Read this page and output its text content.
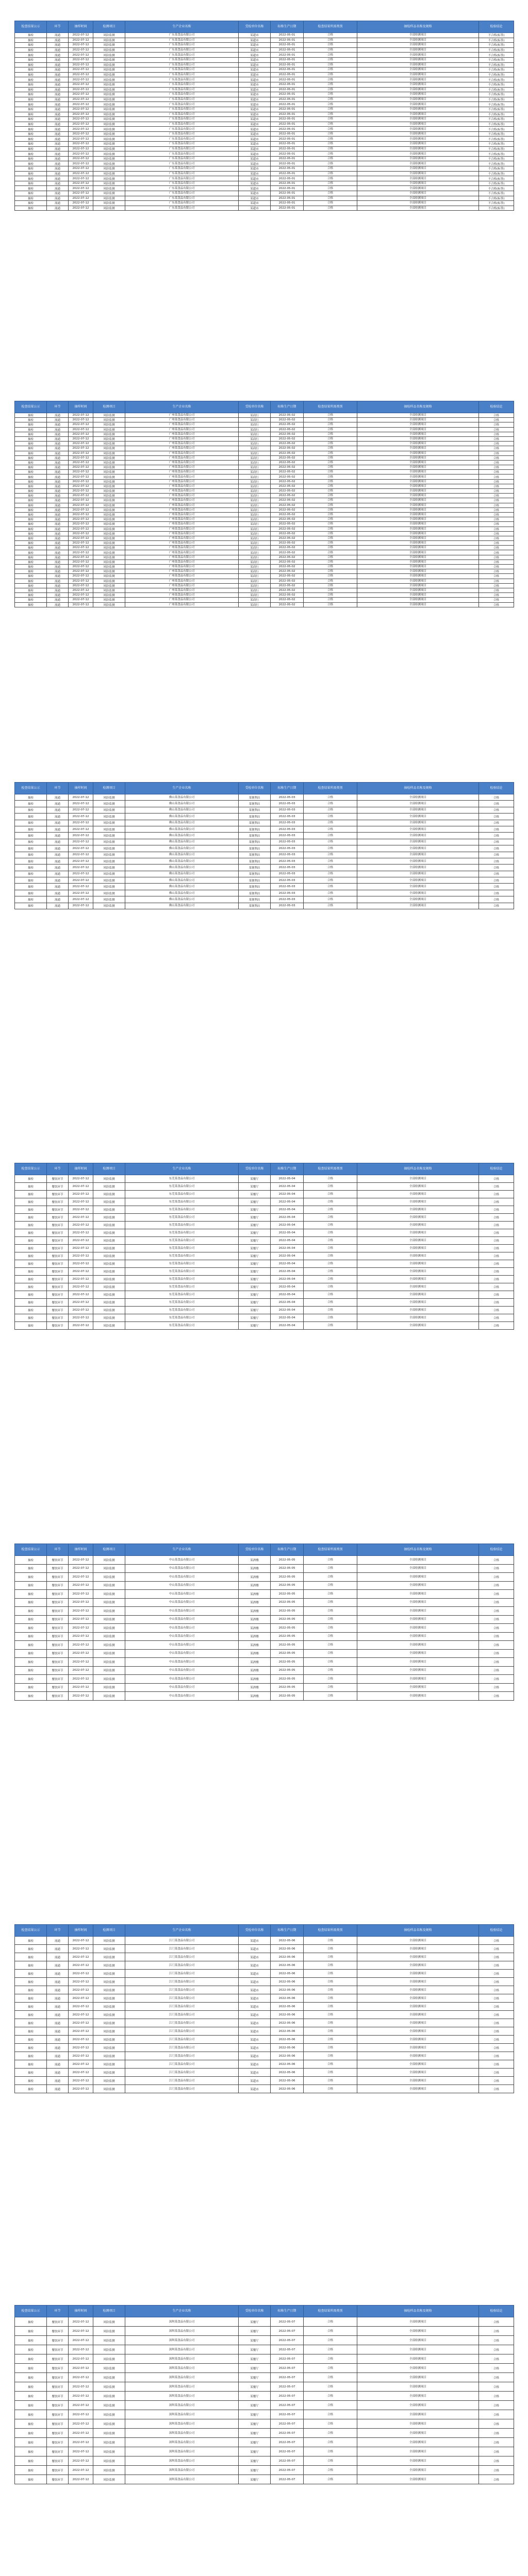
检查结果公示	环节	抽样时间	检测项目	生产企业名称	受检单位名称	标称生产日期	检查结果所需类别	抽检样品名称及规格	检验结论
抽检	流通	2022-07-12	风险监测	广东某食品有限公司	某超市	2022-05-01	合格	全部检测项目	不合格(标签)
抽检	流通	2022-07-12	风险监测	广东某食品有限公司	某超市	2022-05-01	合格	全部检测项目	不合格(标签)
抽检	流通	2022-07-12	风险监测	广东某食品有限公司	某超市	2022-05-01	合格	全部检测项目	不合格(标签)
抽检	流通	2022-07-12	风险监测	广东某食品有限公司	某超市	2022-05-01	合格	全部检测项目	不合格(标签)
抽检	流通	2022-07-12	风险监测	广东某食品有限公司	某超市	2022-05-01	合格	全部检测项目	不合格(标签)
抽检	流通	2022-07-12	风险监测	广东某食品有限公司	某超市	2022-05-01	合格	全部检测项目	不合格(标签)
抽检	流通	2022-07-12	风险监测	广东某食品有限公司	某超市	2022-05-01	合格	全部检测项目	不合格(标签)
抽检	流通	2022-07-12	风险监测	广东某食品有限公司	某超市	2022-05-01	合格	全部检测项目	不合格(标签)
抽检	流通	2022-07-12	风险监测	广东某食品有限公司	某超市	2022-05-01	合格	全部检测项目	不合格(标签)
抽检	流通	2022-07-12	风险监测	广东某食品有限公司	某超市	2022-05-01	合格	全部检测项目	不合格(标签)
抽检	流通	2022-07-12	风险监测	广东某食品有限公司	某超市	2022-05-01	合格	全部检测项目	不合格(标签)
抽检	流通	2022-07-12	风险监测	广东某食品有限公司	某超市	2022-05-01	合格	全部检测项目	不合格(标签)
抽检	流通	2022-07-12	风险监测	广东某食品有限公司	某超市	2022-05-01	合格	全部检测项目	不合格(标签)
抽检	流通	2022-07-12	风险监测	广东某食品有限公司	某超市	2022-05-01	合格	全部检测项目	不合格(标签)
抽检	流通	2022-07-12	风险监测	广东某食品有限公司	某超市	2022-05-01	合格	全部检测项目	不合格(标签)
抽检	流通	2022-07-12	风险监测	广东某食品有限公司	某超市	2022-05-01	合格	全部检测项目	不合格(标签)
抽检	流通	2022-07-12	风险监测	广东某食品有限公司	某超市	2022-05-01	合格	全部检测项目	不合格(标签)
抽检	流通	2022-07-12	风险监测	广东某食品有限公司	某超市	2022-05-01	合格	全部检测项目	不合格(标签)
抽检	流通	2022-07-12	风险监测	广东某食品有限公司	某超市	2022-05-01	合格	全部检测项目	不合格(标签)
抽检	流通	2022-07-12	风险监测	广东某食品有限公司	某超市	2022-05-01	合格	全部检测项目	不合格(标签)
抽检	流通	2022-07-12	风险监测	广东某食品有限公司	某超市	2022-05-01	合格	全部检测项目	不合格(标签)
抽检	流通	2022-07-12	风险监测	广东某食品有限公司	某超市	2022-05-01	合格	全部检测项目	不合格(标签)
抽检	流通	2022-07-12	风险监测	广东某食品有限公司	某超市	2022-05-01	合格	全部检测项目	不合格(标签)
抽检	流通	2022-07-12	风险监测	广东某食品有限公司	某超市	2022-05-01	合格	全部检测项目	不合格(标签)
抽检	流通	2022-07-12	风险监测	广东某食品有限公司	某超市	2022-05-01	合格	全部检测项目	不合格(标签)
抽检	流通	2022-07-12	风险监测	广东某食品有限公司	某超市	2022-05-01	合格	全部检测项目	不合格(标签)
抽检	流通	2022-07-12	风险监测	广东某食品有限公司	某超市	2022-05-01	合格	全部检测项目	不合格(标签)
抽检	流通	2022-07-12	风险监测	广东某食品有限公司	某超市	2022-05-01	合格	全部检测项目	不合格(标签)
抽检	流通	2022-07-12	风险监测	广东某食品有限公司	某超市	2022-05-01	合格	全部检测项目	不合格(标签)
抽检	流通	2022-07-12	风险监测	广东某食品有限公司	某超市	2022-05-01	合格	全部检测项目	不合格(标签)
抽检	流通	2022-07-12	风险监测	广东某食品有限公司	某超市	2022-05-01	合格	全部检测项目	不合格(标签)
抽检	流通	2022-07-12	风险监测	广东某食品有限公司	某超市	2022-05-01	合格	全部检测项目	不合格(标签)
抽检	流通	2022-07-12	风险监测	广东某食品有限公司	某超市	2022-05-01	合格	全部检测项目	不合格(标签)
抽检	流通	2022-07-12	风险监测	广东某食品有限公司	某超市	2022-05-01	合格	全部检测项目	不合格(标签)
抽检	流通	2022-07-12	风险监测	广东某食品有限公司	某超市	2022-05-01	合格	全部检测项目	不合格(标签)
抽检	流通	2022-07-12	风险监测	广东某食品有限公司	某超市	2022-05-01	合格	全部检测项目	不合格(标签)
检查结果公示	环节	抽样时间	检测项目	生产企业名称	受检单位名称	标称生产日期	检查结果所需类别	抽检样品名称及规格	检验结论
抽检	流通	2022-07-12	风险监测	广州某食品有限公司	某商行	2022-05-02	合格	全部检测项目	合格
抽检	流通	2022-07-12	风险监测	广州某食品有限公司	某商行	2022-05-02	合格	全部检测项目	合格
抽检	流通	2022-07-12	风险监测	广州某食品有限公司	某商行	2022-05-02	合格	全部检测项目	合格
抽检	流通	2022-07-12	风险监测	广州某食品有限公司	某商行	2022-05-02	合格	全部检测项目	合格
抽检	流通	2022-07-12	风险监测	广州某食品有限公司	某商行	2022-05-02	合格	全部检测项目	合格
抽检	流通	2022-07-12	风险监测	广州某食品有限公司	某商行	2022-05-02	合格	全部检测项目	合格
抽检	流通	2022-07-12	风险监测	广州某食品有限公司	某商行	2022-05-02	合格	全部检测项目	合格
抽检	流通	2022-07-12	风险监测	广州某食品有限公司	某商行	2022-05-02	合格	全部检测项目	合格
抽检	流通	2022-07-12	风险监测	广州某食品有限公司	某商行	2022-05-02	合格	全部检测项目	合格
抽检	流通	2022-07-12	风险监测	广州某食品有限公司	某商行	2022-05-02	合格	全部检测项目	合格
抽检	流通	2022-07-12	风险监测	广州某食品有限公司	某商行	2022-05-02	合格	全部检测项目	合格
抽检	流通	2022-07-12	风险监测	广州某食品有限公司	某商行	2022-05-02	合格	全部检测项目	合格
抽检	流通	2022-07-12	风险监测	广州某食品有限公司	某商行	2022-05-02	合格	全部检测项目	合格
抽检	流通	2022-07-12	风险监测	广州某食品有限公司	某商行	2022-05-02	合格	全部检测项目	合格
抽检	流通	2022-07-12	风险监测	广州某食品有限公司	某商行	2022-05-02	合格	全部检测项目	合格
抽检	流通	2022-07-12	风险监测	广州某食品有限公司	某商行	2022-05-02	合格	全部检测项目	合格
抽检	流通	2022-07-12	风险监测	广州某食品有限公司	某商行	2022-05-02	合格	全部检测项目	合格
抽检	流通	2022-07-12	风险监测	广州某食品有限公司	某商行	2022-05-02	合格	全部检测项目	合格
抽检	流通	2022-07-12	风险监测	广州某食品有限公司	某商行	2022-05-02	合格	全部检测项目	合格
抽检	流通	2022-07-12	风险监测	广州某食品有限公司	某商行	2022-05-02	合格	全部检测项目	合格
抽检	流通	2022-07-12	风险监测	广州某食品有限公司	某商行	2022-05-02	合格	全部检测项目	合格
抽检	流通	2022-07-12	风险监测	广州某食品有限公司	某商行	2022-05-02	合格	全部检测项目	合格
抽检	流通	2022-07-12	风险监测	广州某食品有限公司	某商行	2022-05-02	合格	全部检测项目	合格
抽检	流通	2022-07-12	风险监测	广州某食品有限公司	某商行	2022-05-02	合格	全部检测项目	合格
抽检	流通	2022-07-12	风险监测	广州某食品有限公司	某商行	2022-05-02	合格	全部检测项目	合格
抽检	流通	2022-07-12	风险监测	广州某食品有限公司	某商行	2022-05-02	合格	全部检测项目	合格
抽检	流通	2022-07-12	风险监测	广州某食品有限公司	某商行	2022-05-02	合格	全部检测项目	合格
抽检	流通	2022-07-12	风险监测	广州某食品有限公司	某商行	2022-05-02	合格	全部检测项目	合格
抽检	流通	2022-07-12	风险监测	广州某食品有限公司	某商行	2022-05-02	合格	全部检测项目	合格
抽检	流通	2022-07-12	风险监测	广州某食品有限公司	某商行	2022-05-02	合格	全部检测项目	合格
抽检	流通	2022-07-12	风险监测	广州某食品有限公司	某商行	2022-05-02	合格	全部检测项目	合格
抽检	流通	2022-07-12	风险监测	广州某食品有限公司	某商行	2022-05-02	合格	全部检测项目	合格
抽检	流通	2022-07-12	风险监测	广州某食品有限公司	某商行	2022-05-02	合格	全部检测项目	合格
抽检	流通	2022-07-12	风险监测	广州某食品有限公司	某商行	2022-05-02	合格	全部检测项目	合格
抽检	流通	2022-07-12	风险监测	广州某食品有限公司	某商行	2022-05-02	合格	全部检测项目	合格
抽检	流通	2022-07-12	风险监测	广州某食品有限公司	某商行	2022-05-02	合格	全部检测项目	合格
抽检	流通	2022-07-12	风险监测	广州某食品有限公司	某商行	2022-05-02	合格	全部检测项目	合格
抽检	流通	2022-07-12	风险监测	广州某食品有限公司	某商行	2022-05-02	合格	全部检测项目	合格
抽检	流通	2022-07-12	风险监测	广州某食品有限公司	某商行	2022-05-02	合格	全部检测项目	合格
抽检	流通	2022-07-12	风险监测	广州某食品有限公司	某商行	2022-05-02	合格	全部检测项目	合格
抽检	流通	2022-07-12	风险监测	广州某食品有限公司	某商行	2022-05-02	合格	全部检测项目	合格
检查结果公示	环节	抽样时间	检测项目	生产企业名称	受检单位名称	标称生产日期	检查结果所需类别	抽检样品名称及规格	检验结论
抽检	流通	2022-07-12	风险监测	佛山某食品有限公司	某便利店	2022-05-03	合格	全部检测项目	合格
抽检	流通	2022-07-12	风险监测	佛山某食品有限公司	某便利店	2022-05-03	合格	全部检测项目	合格
抽检	流通	2022-07-12	风险监测	佛山某食品有限公司	某便利店	2022-05-03	合格	全部检测项目	合格
抽检	流通	2022-07-12	风险监测	佛山某食品有限公司	某便利店	2022-05-03	合格	全部检测项目	合格
抽检	流通	2022-07-12	风险监测	佛山某食品有限公司	某便利店	2022-05-03	合格	全部检测项目	合格
抽检	流通	2022-07-12	风险监测	佛山某食品有限公司	某便利店	2022-05-03	合格	全部检测项目	合格
抽检	流通	2022-07-12	风险监测	佛山某食品有限公司	某便利店	2022-05-03	合格	全部检测项目	合格
抽检	流通	2022-07-12	风险监测	佛山某食品有限公司	某便利店	2022-05-03	合格	全部检测项目	合格
抽检	流通	2022-07-12	风险监测	佛山某食品有限公司	某便利店	2022-05-03	合格	全部检测项目	合格
抽检	流通	2022-07-12	风险监测	佛山某食品有限公司	某便利店	2022-05-03	合格	全部检测项目	合格
抽检	流通	2022-07-12	风险监测	佛山某食品有限公司	某便利店	2022-05-03	合格	全部检测项目	合格
抽检	流通	2022-07-12	风险监测	佛山某食品有限公司	某便利店	2022-05-03	合格	全部检测项目	合格
抽检	流通	2022-07-12	风险监测	佛山某食品有限公司	某便利店	2022-05-03	合格	全部检测项目	合格
抽检	流通	2022-07-12	风险监测	佛山某食品有限公司	某便利店	2022-05-03	合格	全部检测项目	合格
抽检	流通	2022-07-12	风险监测	佛山某食品有限公司	某便利店	2022-05-03	合格	全部检测项目	合格
抽检	流通	2022-07-12	风险监测	佛山某食品有限公司	某便利店	2022-05-03	合格	全部检测项目	合格
抽检	流通	2022-07-12	风险监测	佛山某食品有限公司	某便利店	2022-05-03	合格	全部检测项目	合格
抽检	流通	2022-07-12	风险监测	佛山某食品有限公司	某便利店	2022-05-03	合格	全部检测项目	合格
检查结果公示	环节	抽样时间	检测项目	生产企业名称	受检单位名称	标称生产日期	检查结果所需类别	抽检样品名称及规格	检验结论
抽检	餐饮环节	2022-07-12	风险监测	东莞某食品有限公司	某餐厅	2022-05-04	合格	全部检测项目	合格
抽检	餐饮环节	2022-07-12	风险监测	东莞某食品有限公司	某餐厅	2022-05-04	合格	全部检测项目	合格
抽检	餐饮环节	2022-07-12	风险监测	东莞某食品有限公司	某餐厅	2022-05-04	合格	全部检测项目	合格
抽检	餐饮环节	2022-07-12	风险监测	东莞某食品有限公司	某餐厅	2022-05-04	合格	全部检测项目	合格
抽检	餐饮环节	2022-07-12	风险监测	东莞某食品有限公司	某餐厅	2022-05-04	合格	全部检测项目	合格
抽检	餐饮环节	2022-07-12	风险监测	东莞某食品有限公司	某餐厅	2022-05-04	合格	全部检测项目	合格
抽检	餐饮环节	2022-07-12	风险监测	东莞某食品有限公司	某餐厅	2022-05-04	合格	全部检测项目	合格
抽检	餐饮环节	2022-07-12	风险监测	东莞某食品有限公司	某餐厅	2022-05-04	合格	全部检测项目	合格
抽检	餐饮环节	2022-07-12	风险监测	东莞某食品有限公司	某餐厅	2022-05-04	合格	全部检测项目	合格
抽检	餐饮环节	2022-07-12	风险监测	东莞某食品有限公司	某餐厅	2022-05-04	合格	全部检测项目	合格
抽检	餐饮环节	2022-07-12	风险监测	东莞某食品有限公司	某餐厅	2022-05-04	合格	全部检测项目	合格
抽检	餐饮环节	2022-07-12	风险监测	东莞某食品有限公司	某餐厅	2022-05-04	合格	全部检测项目	合格
抽检	餐饮环节	2022-07-12	风险监测	东莞某食品有限公司	某餐厅	2022-05-04	合格	全部检测项目	合格
抽检	餐饮环节	2022-07-12	风险监测	东莞某食品有限公司	某餐厅	2022-05-04	合格	全部检测项目	合格
抽检	餐饮环节	2022-07-12	风险监测	东莞某食品有限公司	某餐厅	2022-05-04	合格	全部检测项目	合格
抽检	餐饮环节	2022-07-12	风险监测	东莞某食品有限公司	某餐厅	2022-05-04	合格	全部检测项目	合格
抽检	餐饮环节	2022-07-12	风险监测	东莞某食品有限公司	某餐厅	2022-05-04	合格	全部检测项目	合格
抽检	餐饮环节	2022-07-12	风险监测	东莞某食品有限公司	某餐厅	2022-05-04	合格	全部检测项目	合格
抽检	餐饮环节	2022-07-12	风险监测	东莞某食品有限公司	某餐厅	2022-05-04	合格	全部检测项目	合格
抽检	餐饮环节	2022-07-12	风险监测	东莞某食品有限公司	某餐厅	2022-05-04	合格	全部检测项目	合格
检查结果公示	环节	抽样时间	检测项目	生产企业名称	受检单位名称	标称生产日期	检查结果所需类别	抽检样品名称及规格	检验结论
抽检	餐饮环节	2022-07-12	风险监测	中山某食品有限公司	某酒楼	2022-05-05	合格	全部检测项目	合格
抽检	餐饮环节	2022-07-12	风险监测	中山某食品有限公司	某酒楼	2022-05-05	合格	全部检测项目	合格
抽检	餐饮环节	2022-07-12	风险监测	中山某食品有限公司	某酒楼	2022-05-05	合格	全部检测项目	合格
抽检	餐饮环节	2022-07-12	风险监测	中山某食品有限公司	某酒楼	2022-05-05	合格	全部检测项目	合格
抽检	餐饮环节	2022-07-12	风险监测	中山某食品有限公司	某酒楼	2022-05-05	合格	全部检测项目	合格
抽检	餐饮环节	2022-07-12	风险监测	中山某食品有限公司	某酒楼	2022-05-05	合格	全部检测项目	合格
抽检	餐饮环节	2022-07-12	风险监测	中山某食品有限公司	某酒楼	2022-05-05	合格	全部检测项目	合格
抽检	餐饮环节	2022-07-12	风险监测	中山某食品有限公司	某酒楼	2022-05-05	合格	全部检测项目	合格
抽检	餐饮环节	2022-07-12	风险监测	中山某食品有限公司	某酒楼	2022-05-05	合格	全部检测项目	合格
抽检	餐饮环节	2022-07-12	风险监测	中山某食品有限公司	某酒楼	2022-05-05	合格	全部检测项目	合格
抽检	餐饮环节	2022-07-12	风险监测	中山某食品有限公司	某酒楼	2022-05-05	合格	全部检测项目	合格
抽检	餐饮环节	2022-07-12	风险监测	中山某食品有限公司	某酒楼	2022-05-05	合格	全部检测项目	合格
抽检	餐饮环节	2022-07-12	风险监测	中山某食品有限公司	某酒楼	2022-05-05	合格	全部检测项目	合格
抽检	餐饮环节	2022-07-12	风险监测	中山某食品有限公司	某酒楼	2022-05-05	合格	全部检测项目	合格
抽检	餐饮环节	2022-07-12	风险监测	中山某食品有限公司	某酒楼	2022-05-05	合格	全部检测项目	合格
抽检	餐饮环节	2022-07-12	风险监测	中山某食品有限公司	某酒楼	2022-05-05	合格	全部检测项目	合格
抽检	餐饮环节	2022-07-12	风险监测	中山某食品有限公司	某酒楼	2022-05-05	合格	全部检测项目	合格
检查结果公示	环节	抽样时间	检测项目	生产企业名称	受检单位名称	标称生产日期	检查结果所需类别	抽检样品名称及规格	检验结论
抽检	流通	2022-07-12	风险监测	江门某食品有限公司	某超市	2022-05-06	合格	全部检测项目	合格
抽检	流通	2022-07-12	风险监测	江门某食品有限公司	某超市	2022-05-06	合格	全部检测项目	合格
抽检	流通	2022-07-12	风险监测	江门某食品有限公司	某超市	2022-05-06	合格	全部检测项目	合格
抽检	流通	2022-07-12	风险监测	江门某食品有限公司	某超市	2022-05-06	合格	全部检测项目	合格
抽检	流通	2022-07-12	风险监测	江门某食品有限公司	某超市	2022-05-06	合格	全部检测项目	合格
抽检	流通	2022-07-12	风险监测	江门某食品有限公司	某超市	2022-05-06	合格	全部检测项目	合格
抽检	流通	2022-07-12	风险监测	江门某食品有限公司	某超市	2022-05-06	合格	全部检测项目	合格
抽检	流通	2022-07-12	风险监测	江门某食品有限公司	某超市	2022-05-06	合格	全部检测项目	合格
抽检	流通	2022-07-12	风险监测	江门某食品有限公司	某超市	2022-05-06	合格	全部检测项目	合格
抽检	流通	2022-07-12	风险监测	江门某食品有限公司	某超市	2022-05-06	合格	全部检测项目	合格
抽检	流通	2022-07-12	风险监测	江门某食品有限公司	某超市	2022-05-06	合格	全部检测项目	合格
抽检	流通	2022-07-12	风险监测	江门某食品有限公司	某超市	2022-05-06	合格	全部检测项目	合格
抽检	流通	2022-07-12	风险监测	江门某食品有限公司	某超市	2022-05-06	合格	全部检测项目	合格
抽检	流通	2022-07-12	风险监测	江门某食品有限公司	某超市	2022-05-06	合格	全部检测项目	合格
抽检	流通	2022-07-12	风险监测	江门某食品有限公司	某超市	2022-05-06	合格	全部检测项目	合格
抽检	流通	2022-07-12	风险监测	江门某食品有限公司	某超市	2022-05-06	合格	全部检测项目	合格
抽检	流通	2022-07-12	风险监测	江门某食品有限公司	某超市	2022-05-06	合格	全部检测项目	合格
抽检	流通	2022-07-12	风险监测	江门某食品有限公司	某超市	2022-05-06	合格	全部检测项目	合格
抽检	流通	2022-07-12	风险监测	江门某食品有限公司	某超市	2022-05-06	合格	全部检测项目	合格
检查结果公示	环节	抽样时间	检测项目	生产企业名称	受检单位名称	标称生产日期	检查结果所需类别	抽检样品名称及规格	检验结论
抽检	餐饮环节	2022-07-12	风险监测	深圳某食品有限公司	某餐厅	2022-05-07	合格	全部检测项目	合格
抽检	餐饮环节	2022-07-12	风险监测	深圳某食品有限公司	某餐厅	2022-05-07	合格	全部检测项目	合格
抽检	餐饮环节	2022-07-12	风险监测	深圳某食品有限公司	某餐厅	2022-05-07	合格	全部检测项目	合格
抽检	餐饮环节	2022-07-12	风险监测	深圳某食品有限公司	某餐厅	2022-05-07	合格	全部检测项目	合格
抽检	餐饮环节	2022-07-12	风险监测	深圳某食品有限公司	某餐厅	2022-05-07	合格	全部检测项目	合格
抽检	餐饮环节	2022-07-12	风险监测	深圳某食品有限公司	某餐厅	2022-05-07	合格	全部检测项目	合格
抽检	餐饮环节	2022-07-12	风险监测	深圳某食品有限公司	某餐厅	2022-05-07	合格	全部检测项目	合格
抽检	餐饮环节	2022-07-12	风险监测	深圳某食品有限公司	某餐厅	2022-05-07	合格	全部检测项目	合格
抽检	餐饮环节	2022-07-12	风险监测	深圳某食品有限公司	某餐厅	2022-05-07	合格	全部检测项目	合格
抽检	餐饮环节	2022-07-12	风险监测	深圳某食品有限公司	某餐厅	2022-05-07	合格	全部检测项目	合格
抽检	餐饮环节	2022-07-12	风险监测	深圳某食品有限公司	某餐厅	2022-05-07	合格	全部检测项目	合格
抽检	餐饮环节	2022-07-12	风险监测	深圳某食品有限公司	某餐厅	2022-05-07	合格	全部检测项目	合格
抽检	餐饮环节	2022-07-12	风险监测	深圳某食品有限公司	某餐厅	2022-05-07	合格	全部检测项目	合格
抽检	餐饮环节	2022-07-12	风险监测	深圳某食品有限公司	某餐厅	2022-05-07	合格	全部检测项目	合格
抽检	餐饮环节	2022-07-12	风险监测	深圳某食品有限公司	某餐厅	2022-05-07	合格	全部检测项目	合格
抽检	餐饮环节	2022-07-12	风险监测	深圳某食品有限公司	某餐厅	2022-05-07	合格	全部检测项目	合格
抽检	餐饮环节	2022-07-12	风险监测	深圳某食品有限公司	某餐厅	2022-05-07	合格	全部检测项目	合格
抽检	餐饮环节	2022-07-12	风险监测	深圳某食品有限公司	某餐厅	2022-05-07	合格	全部检测项目	合格
